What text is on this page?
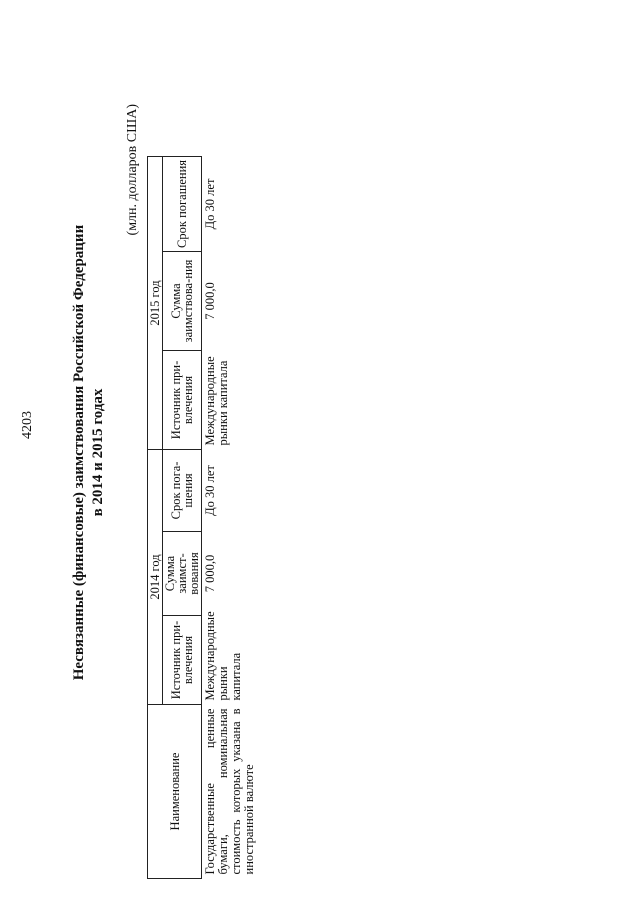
4203 Несвязанные (финансовые) заимствования Российской Федерации в 2014 и 2015 годах
(млн. долларов США)
Наименование	2014 год			2015 год		
	Источник при-влечения	Сумма заимст-вования	Срок пога-шения	Источник при-влечения	Сумма заимствова-ния	Срок погашения
Государственные ценные бумаги, номинальная стоимость которых указана в иностранной валюте	Международные рынки капитала	7 000,0	До 30 лет	Международные рынки капитала	7 000,0	До 30 лет
